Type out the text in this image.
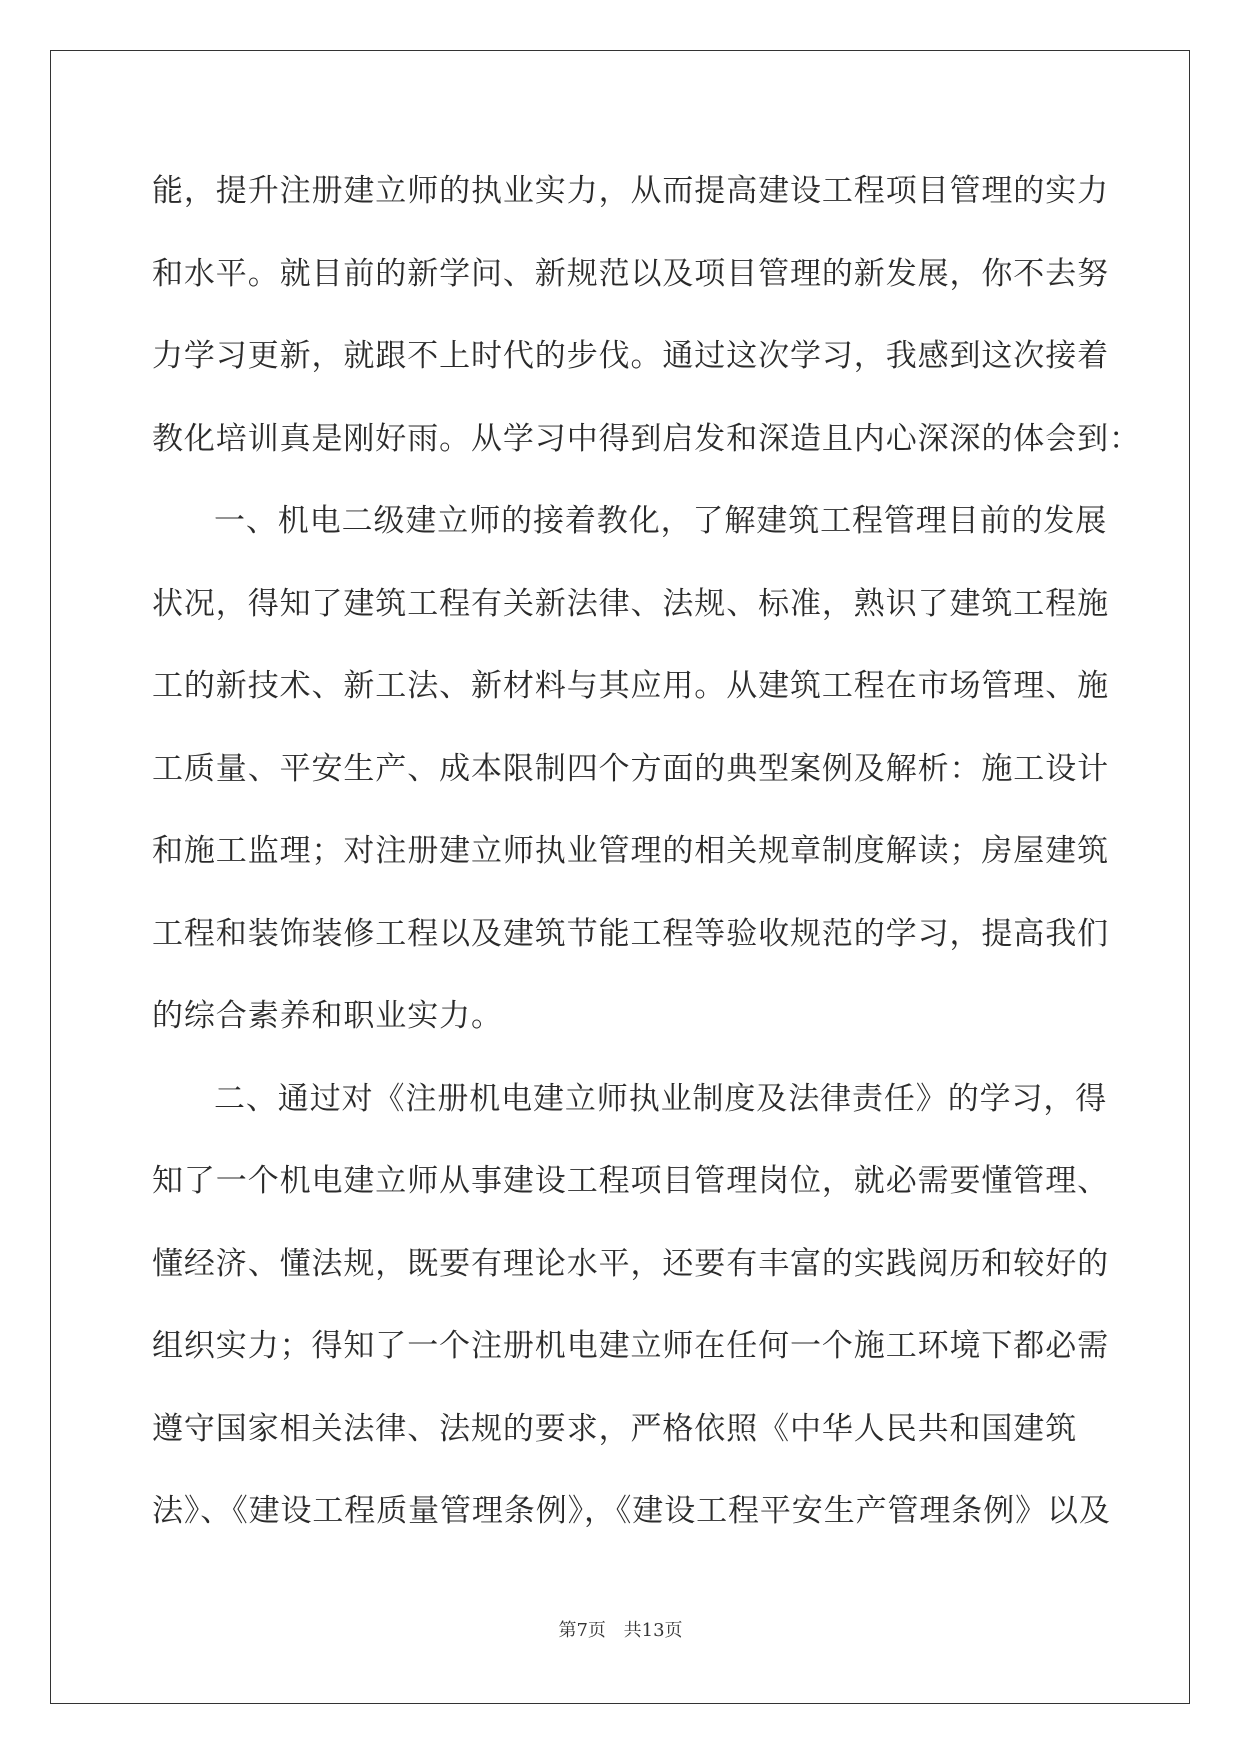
能，提升注册建立师的执业实力，从而提高建设工程项目管理的实力
和水平。就目前的新学问、新规范以及项目管理的新发展，你不去努
力学习更新，就跟不上时代的步伐。通过这次学习，我感到这次接着
教化培训真是刚好雨。从学习中得到启发和深造且内心深深的体会到：
一、机电二级建立师的接着教化，了解建筑工程管理目前的发展
状况，得知了建筑工程有关新法律、法规、标准，熟识了建筑工程施
工的新技术、新工法、新材料与其应用。从建筑工程在市场管理、施
工质量、平安生产、成本限制四个方面的典型案例及解析：施工设计
和施工监理；对注册建立师执业管理的相关规章制度解读；房屋建筑
工程和装饰装修工程以及建筑节能工程等验收规范的学习，提高我们
的综合素养和职业实力。
二、通过对《注册机电建立师执业制度及法律责任》的学习，得
知了一个机电建立师从事建设工程项目管理岗位，就必需要懂管理、
懂经济、懂法规，既要有理论水平，还要有丰富的实践阅历和较好的
组织实力；得知了一个注册机电建立师在任何一个施工环境下都必需
遵守国家相关法律、法规的要求，严格依照《中华人民共和国建筑
法》、《建设工程质量管理条例》，《建设工程平安生产管理条例》以及
第7页 共13页
